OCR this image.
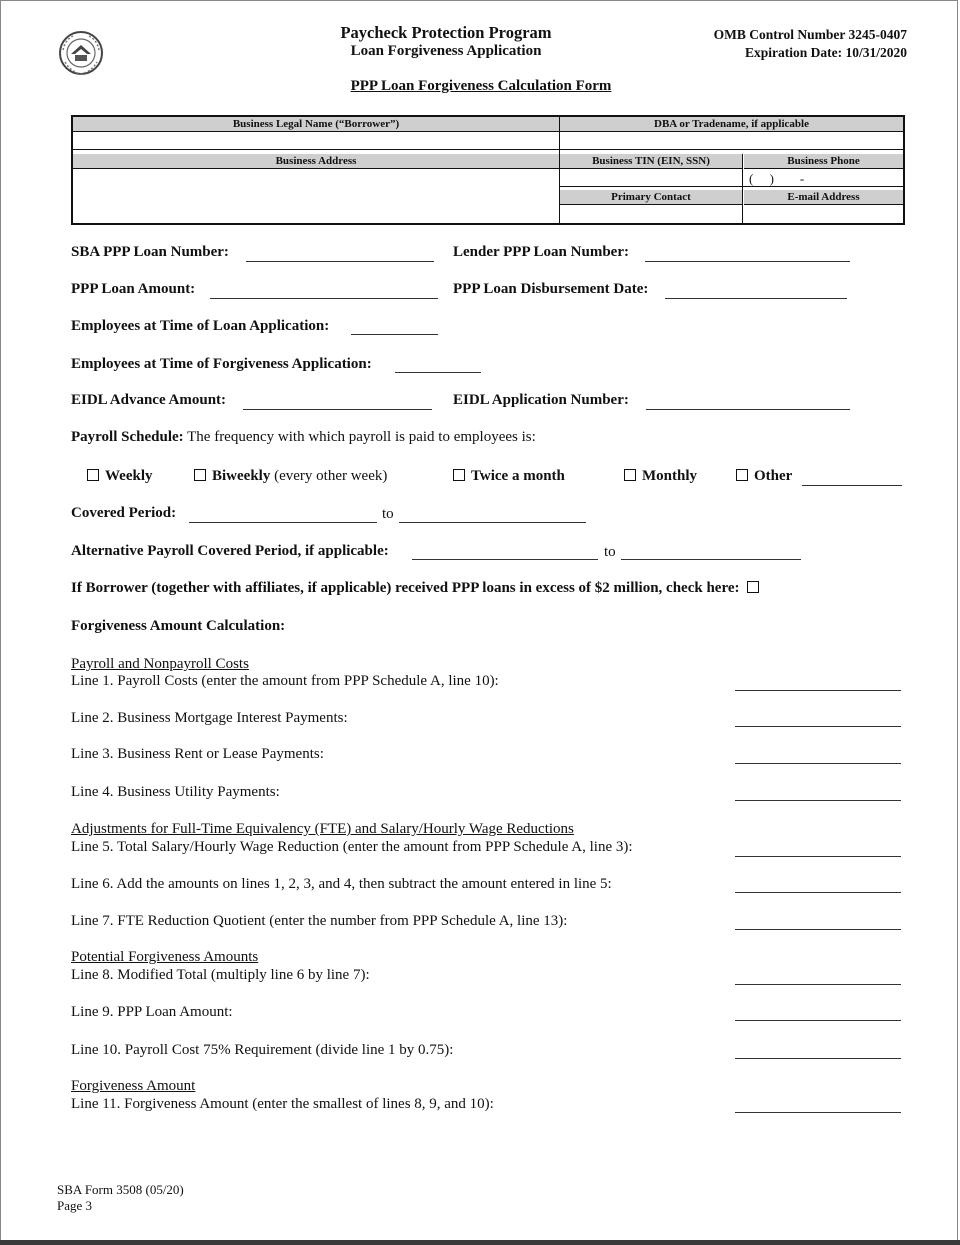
Paycheck Protection Program
Loan Forgiveness Application
OMB Control Number 3245-0407
Expiration Date: 10/31/2020
PPP Loan Forgiveness Calculation Form
Business Legal Name (“Borrower”)	DBA or Tradename, if applicable
Business Address	Business TIN (EIN, SSN)	Business Phone
(     )        -
Primary Contact	E-mail Address
SBA PPP Loan Number:	Lender PPP Loan Number:
PPP Loan Amount:	PPP Loan Disbursement Date:
Employees at Time of Loan Application:
Employees at Time of Forgiveness Application:
EIDL Advance Amount:	EIDL Application Number:
Payroll Schedule: The frequency with which payroll is paid to employees is:
Weekly	Biweekly (every other week)	Twice a month	Monthly	Other
Covered Period:	to
Alternative Payroll Covered Period, if applicable:	to
If Borrower (together with affiliates, if applicable) received PPP loans in excess of $2 million, check here:
Forgiveness Amount Calculation:
Payroll and Nonpayroll Costs
Line 1. Payroll Costs (enter the amount from PPP Schedule A, line 10):
Line 2. Business Mortgage Interest Payments:
Line 3. Business Rent or Lease Payments:
Line 4. Business Utility Payments:
Adjustments for Full-Time Equivalency (FTE) and Salary/Hourly Wage Reductions
Line 5. Total Salary/Hourly Wage Reduction (enter the amount from PPP Schedule A, line 3):
Line 6. Add the amounts on lines 1, 2, 3, and 4, then subtract the amount entered in line 5:
Line 7. FTE Reduction Quotient (enter the number from PPP Schedule A, line 13):
Potential Forgiveness Amounts
Line 8. Modified Total (multiply line 6 by line 7):
Line 9. PPP Loan Amount:
Line 10. Payroll Cost 75% Requirement (divide line 1 by 0.75):
Forgiveness Amount
Line 11. Forgiveness Amount (enter the smallest of lines 8, 9, and 10):
SBA Form 3508 (05/20)
Page 3
